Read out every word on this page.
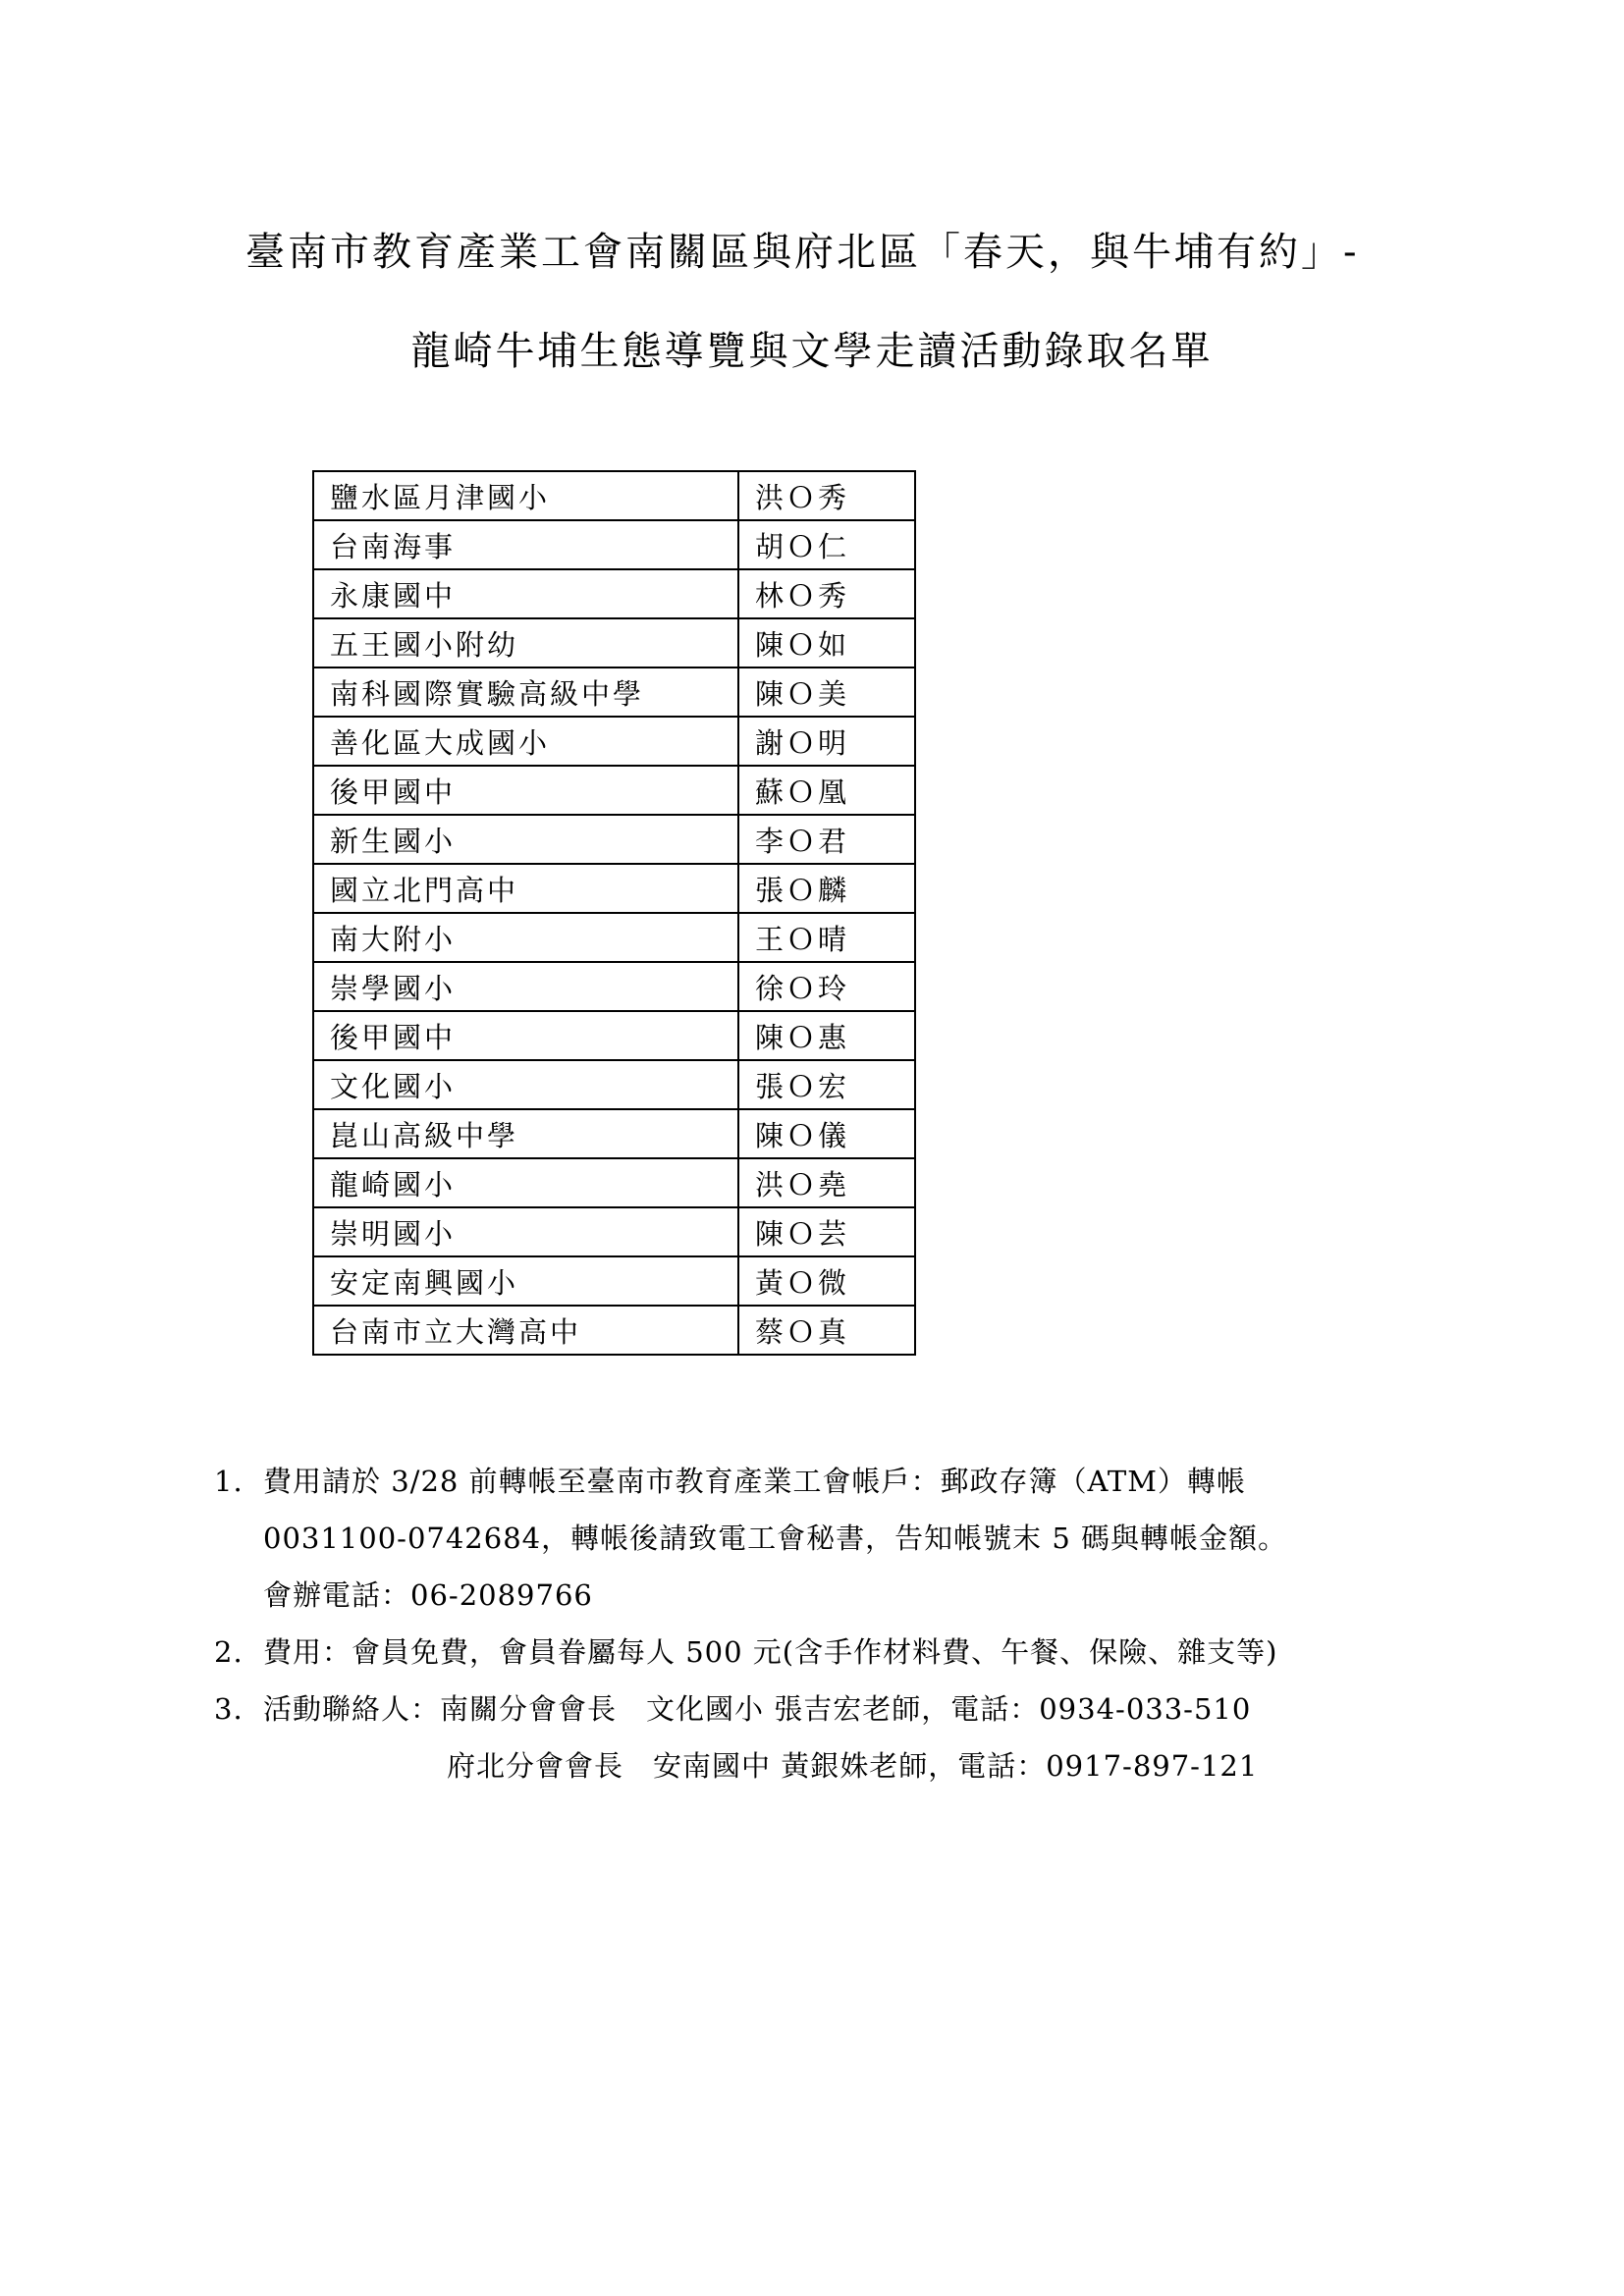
臺南市教育產業工會南關區與府北區「春天，與牛埔有約」-
龍崎牛埔生態導覽與文學走讀活動錄取名單
鹽水區月津國小	洪Ｏ秀
台南海事	胡Ｏ仁
永康國中	林Ｏ秀
五王國小附幼	陳Ｏ如
南科國際實驗高級中學	陳Ｏ美
善化區大成國小	謝Ｏ明
後甲國中	蘇Ｏ凰
新生國小	李Ｏ君
國立北門高中	張Ｏ麟
南大附小	王Ｏ晴
崇學國小	徐Ｏ玲
後甲國中	陳Ｏ惠
文化國小	張Ｏ宏
崑山高級中學	陳Ｏ儀
龍崎國小	洪Ｏ堯
崇明國小	陳Ｏ芸
安定南興國小	黃Ｏ微
台南市立大灣高中	蔡Ｏ真
1. 費用請於 3/28 前轉帳至臺南市教育產業工會帳戶：郵政存簿（ATM）轉帳
0031100-0742684，轉帳後請致電工會秘書，告知帳號末 5 碼與轉帳金額。
會辦電話：06-2089766
2. 費用：會員免費，會員眷屬每人 500 元(含手作材料費、午餐、保險、雜支等)
3. 活動聯絡人：南關分會會長　文化國小 張吉宏老師，電話：0934-033-510
府北分會會長　安南國中 黃銀姝老師，電話：0917-897-121
